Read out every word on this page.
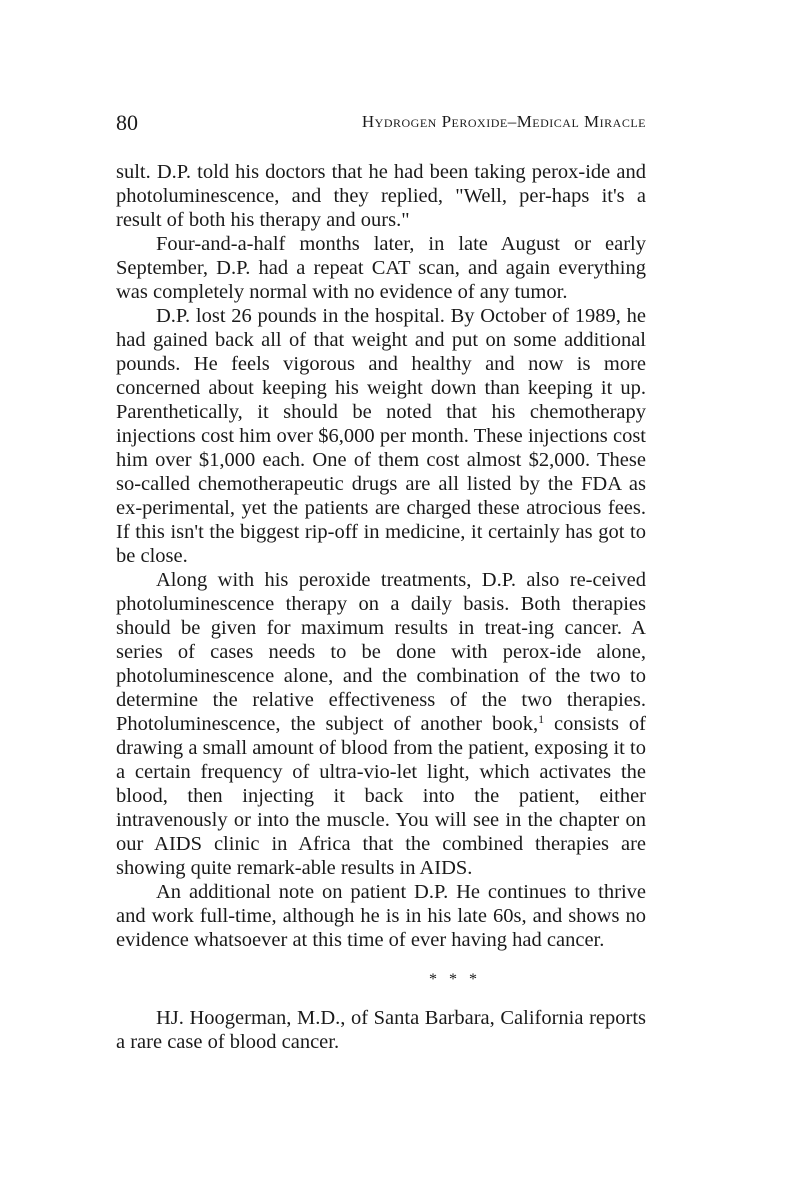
80	Hydrogen Peroxide–Medical Miracle

sult. D.P. told his doctors that he had been taking perox-ide and photoluminescence, and they replied, "Well, per-haps it's a result of both his therapy and ours."

Four-and-a-half months later, in late August or early September, D.P. had a repeat CAT scan, and again everything was completely normal with no evidence of any tumor.

D.P. lost 26 pounds in the hospital. By October of 1989, he had gained back all of that weight and put on some additional pounds. He feels vigorous and healthy and now is more concerned about keeping his weight down than keeping it up. Parenthetically, it should be noted that his chemotherapy injections cost him over $6,000 per month. These injections cost him over $1,000 each. One of them cost almost $2,000. These so-called chemotherapeutic drugs are all listed by the FDA as ex-perimental, yet the patients are charged these atrocious fees. If this isn't the biggest rip-off in medicine, it certainly has got to be close.

Along with his peroxide treatments, D.P. also re-ceived photoluminescence therapy on a daily basis. Both therapies should be given for maximum results in treat-ing cancer. A series of cases needs to be done with perox-ide alone, photoluminescence alone, and the combination of the two to determine the relative effectiveness of the two therapies. Photoluminescence, the subject of another book,$^1$ consists of drawing a small amount of blood from the patient, exposing it to a certain frequency of ultra-vio-let light, which activates the blood, then injecting it back into the patient, either intravenously or into the muscle. You will see in the chapter on our AIDS clinic in Africa that the combined therapies are showing quite remark-able results in AIDS.

An additional note on patient D.P. He continues to thrive and work full-time, although he is in his late 60s, and shows no evidence whatsoever at this time of ever having had cancer.

* * *

HJ. Hoogerman, M.D., of Santa Barbara, California reports a rare case of blood cancer.
